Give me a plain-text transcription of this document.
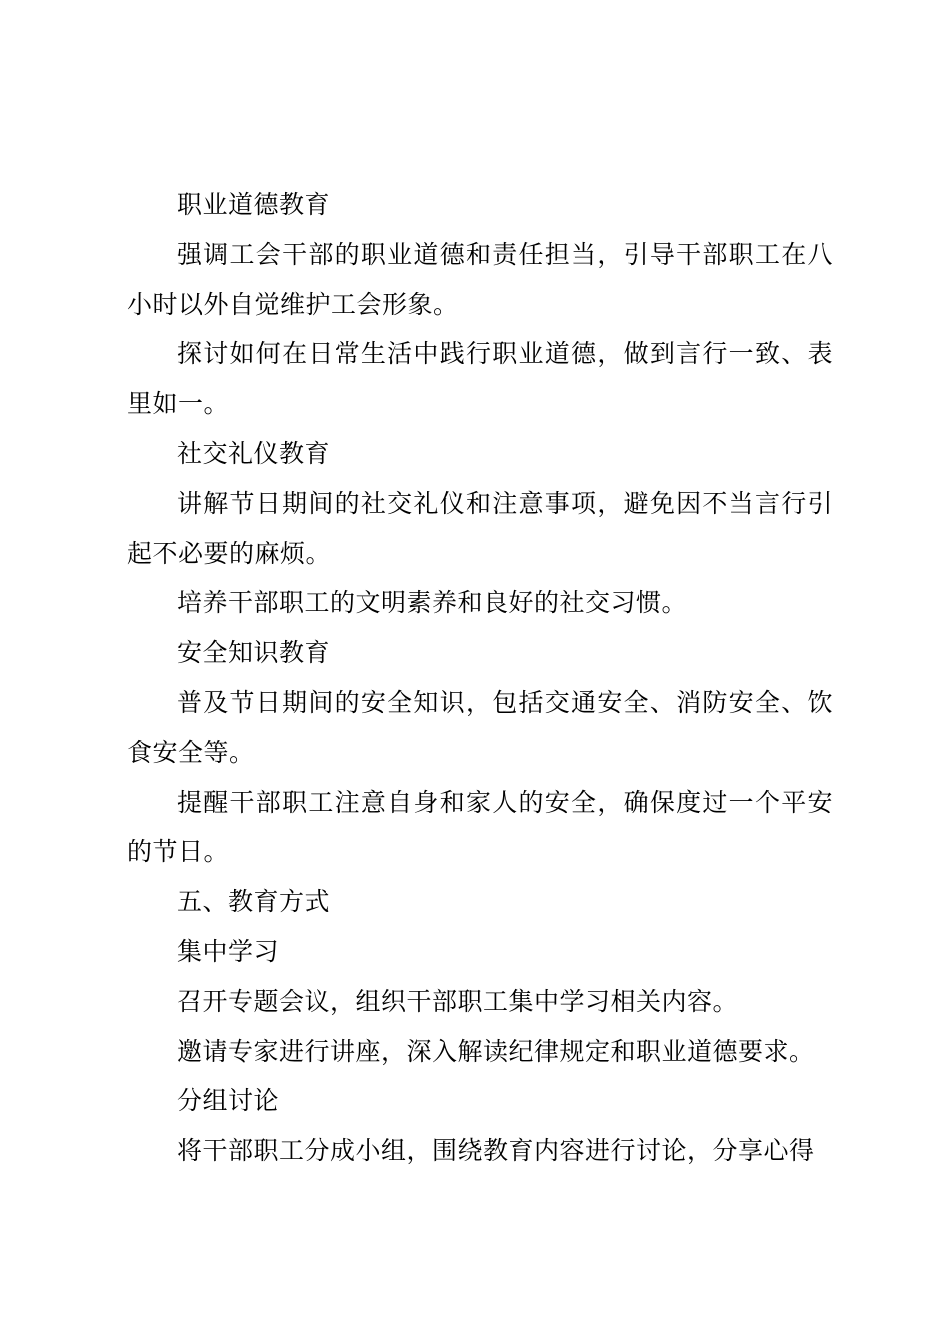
职业道德教育

强调工会干部的职业道德和责任担当，引导干部职工在八小时以外自觉维护工会形象。

探讨如何在日常生活中践行职业道德，做到言行一致、表里如一。

社交礼仪教育

讲解节日期间的社交礼仪和注意事项，避免因不当言行引起不必要的麻烦。

培养干部职工的文明素养和良好的社交习惯。

安全知识教育

普及节日期间的安全知识，包括交通安全、消防安全、饮食安全等。

提醒干部职工注意自身和家人的安全，确保度过一个平安的节日。

五、教育方式

集中学习

召开专题会议，组织干部职工集中学习相关内容。

邀请专家进行讲座，深入解读纪律规定和职业道德要求。

分组讨论

将干部职工分成小组，围绕教育内容进行讨论，分享心得
